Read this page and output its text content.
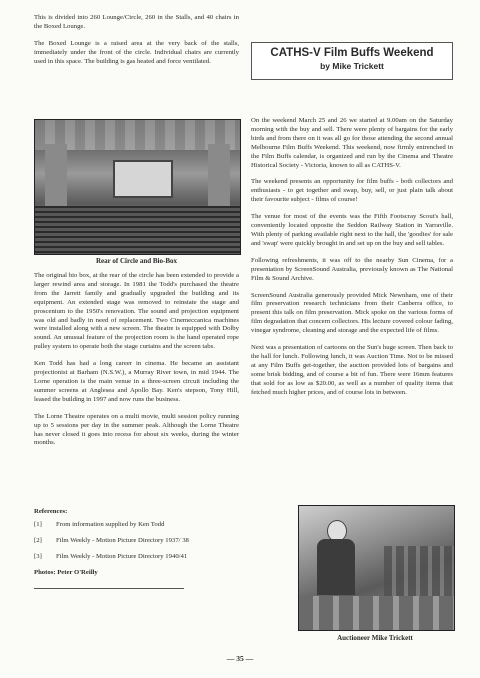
This is divided into 260 Lounge/Circle, 260 in the Stalls, and 40 chairs in the Boxed Lounge.

The Boxed Lounge is a raised area at the very back of the stalls, immediately under the front of the circle. Individual chairs are currently used in this space. The building is gas heated and force ventilated.

Rear of Circle and Bio-Box

The original bio box, at the rear of the circle has been extended to provide a larger rewind area and storage. In 1981 the Todd's purchased the theatre from the Jarrett family and gradually upgraded the building and its equipment. An extended stage was removed to reinstate the stage and proscenium to the 1950's renovation. The sound and projection equipment was old and badly in need of replacement. Two Cinemeccanica machines were installed along with a new screen. The theatre is equipped with Dolby sound. An unusual feature of the projection room is the hand operated rope pulley system to operate both the stage curtains and the screen tabs.

Ken Todd has had a long career in cinema. He became an assistant projectionist at Barham (N.S.W.), a Murray River town, in mid 1944. The Lorne operation is the main venue in a three-screen circuit including the summer screens at Anglesea and Apollo Bay. Ken's stepson, Tony Hill, leased the building in 1997 and now runs the business.

The Lorne Theatre operates on a multi movie, multi session policy running up to 5 sessions per day in the summer peak. Although the Lorne Theatre has never closed it goes into recess for about six weeks, during the winter months.

References:
[1]	From information supplied by Ken Todd
[2]	Film Weekly - Motion Picture Directory 1937/ 38
[3]	Film Weekly - Motion Picture Directory 1940/41
Photos: Peter O'Reilly
CATHS-V Film Buffs Weekend
by Mike Trickett

On the weekend March 25 and 26 we started at 9.00am on the Saturday morning with the buy and sell. There were plenty of bargains for the early birds and from there on it was all go for those attending the second annual Melbourne Film Buffs Weekend. This weekend, now firmly entrenched in the Film Buffs calendar, is organized and run by the Cinema and Theatre Historical Society - Victoria, known to all as CATHS-V.

The weekend presents an opportunity for film buffs - both collectors and enthusiasts - to get together and swap, buy, sell, or just plain talk about their favourite subject - films of course!

The venue for most of the events was the Fifth Footscray Scout's hall, conveniently located opposite the Seddon Railway Station in Yarraville. With plenty of parking available right next to the hall, the 'goodies' for sale and 'swap' were quickly brought in and set up on the buy and sell tables.

Following refreshments, it was off to the nearby Sun Cinema, for a presentation by ScreenSound Australia, previously known as The National Film & Sound Archive.

ScreenSound Australia generously provided Mick Newnham, one of their film preservation research technicians from their Canberra office, to present this talk on film preservation. Mick spoke on the various forms of film degradation that concern collectors. His lecture covered colour fading, vinegar syndrome, cleaning and storage and the expected life of films.

Next was a presentation of cartoons on the Sun's huge screen. Then back to the hall for lunch. Following lunch, it was Auction Time. Not to be missed at any Film Buffs get-together, the auction provided lots of bargains and some brisk bidding, and of course a bit of fun. There were 16mm features that sold for as low as $20.00, as well as a number of quality items that fetched much higher prices, and of course lots in between.

Auctioneer Mike Trickett
— 35 —
